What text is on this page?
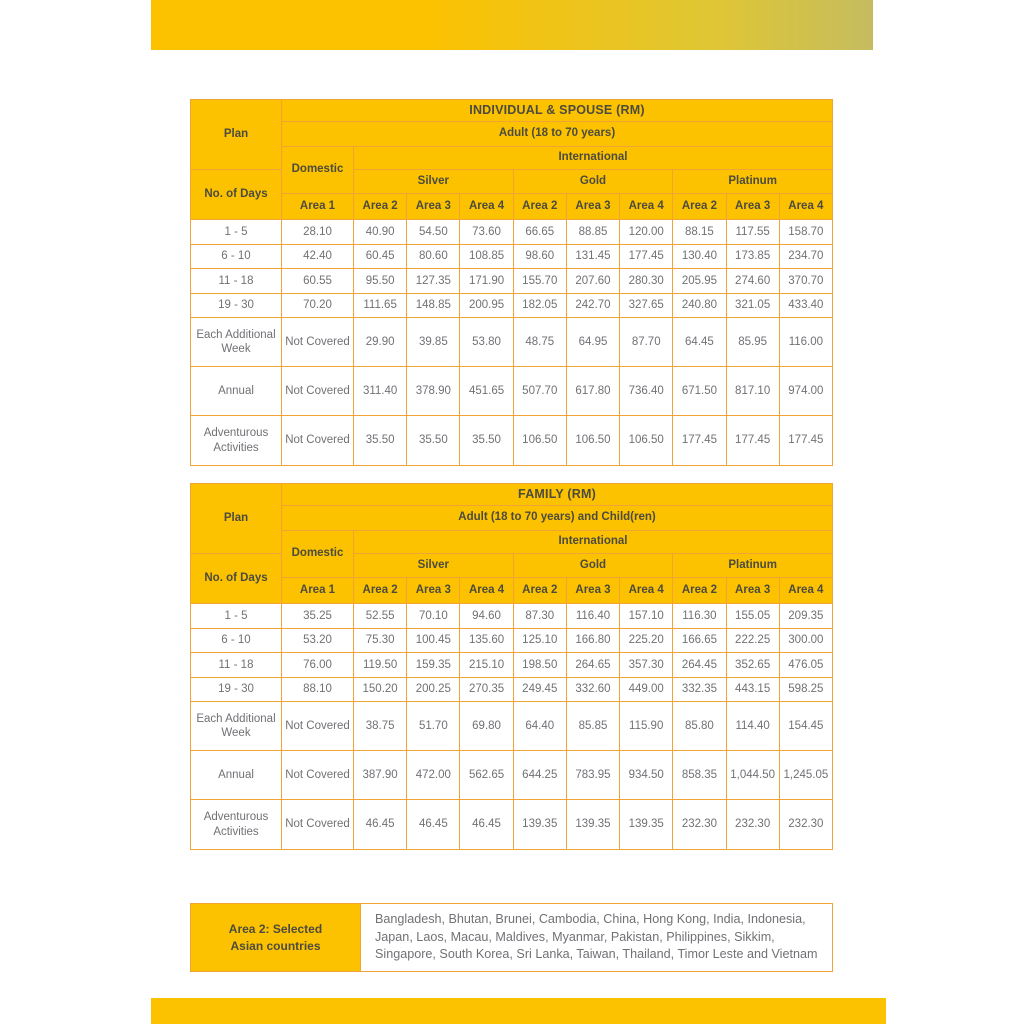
Plan	INDIVIDUAL & SPOUSE (RM)									
	Adult (18 to 70 years)									
	Domestic	International								
No. of Days		Silver			Gold			Platinum		
	Area 1	Area 2	Area 3	Area 4	Area 2	Area 3	Area 4	Area 2	Area 3	Area 4
1 - 5	28.10	40.90	54.50	73.60	66.65	88.85	120.00	88.15	117.55	158.70
6 - 10	42.40	60.45	80.60	108.85	98.60	131.45	177.45	130.40	173.85	234.70
11 - 18	60.55	95.50	127.35	171.90	155.70	207.60	280.30	205.95	274.60	370.70
19 - 30	70.20	111.65	148.85	200.95	182.05	242.70	327.65	240.80	321.05	433.40
Each Additional Week	Not Covered	29.90	39.85	53.80	48.75	64.95	87.70	64.45	85.95	116.00
Annual	Not Covered	311.40	378.90	451.65	507.70	617.80	736.40	671.50	817.10	974.00
Adventurous Activities	Not Covered	35.50	35.50	35.50	106.50	106.50	106.50	177.45	177.45	177.45
Plan	FAMILY (RM)									
	Adult (18 to 70 years) and Child(ren)									
	Domestic	International								
No. of Days		Silver			Gold			Platinum		
	Area 1	Area 2	Area 3	Area 4	Area 2	Area 3	Area 4	Area 2	Area 3	Area 4
1 - 5	35.25	52.55	70.10	94.60	87.30	116.40	157.10	116.30	155.05	209.35
6 - 10	53.20	75.30	100.45	135.60	125.10	166.80	225.20	166.65	222.25	300.00
11 - 18	76.00	119.50	159.35	215.10	198.50	264.65	357.30	264.45	352.65	476.05
19 - 30	88.10	150.20	200.25	270.35	249.45	332.60	449.00	332.35	443.15	598.25
Each Additional Week	Not Covered	38.75	51.70	69.80	64.40	85.85	115.90	85.80	114.40	154.45
Annual	Not Covered	387.90	472.00	562.65	644.25	783.95	934.50	858.35	1,044.50	1,245.05
Adventurous Activities	Not Covered	46.45	46.45	46.45	139.35	139.35	139.35	232.30	232.30	232.30
Area 2: Selected Asian countries
Bangladesh, Bhutan, Brunei, Cambodia, China, Hong Kong, India, Indonesia, Japan, Laos, Macau, Maldives, Myanmar, Pakistan, Philippines, Sikkim, Singapore, South Korea, Sri Lanka, Taiwan, Thailand, Timor Leste and Vietnam
